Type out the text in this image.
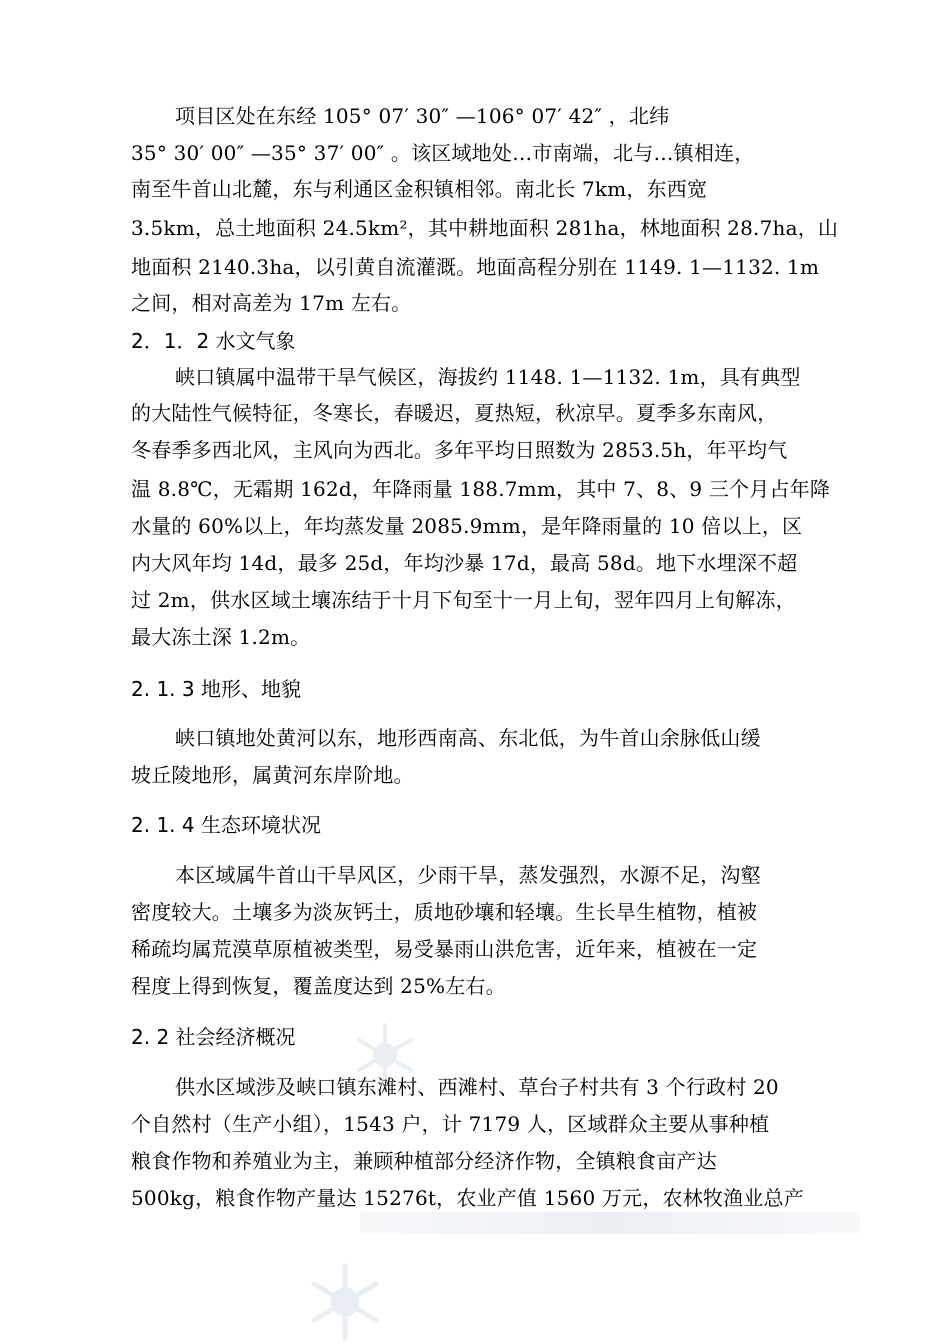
项目区处在东经 105° 07′ 30″ —106° 07′ 42″ ，北纬
35° 30′ 00″ —35° 37′ 00″ 。该区域地处…市南端，北与…镇相连，
南至牛首山北麓，东与利通区金积镇相邻。南北长 7km，东西宽
3.5km，总土地面积 24.5km²，其中耕地面积 281ha，林地面积 28.7ha，山
地面积 2140.3ha，以引黄自流灌溉。地面高程分别在 1149. 1—1132. 1m
之间，相对高差为 17m 左右。
2．1．2 水文气象
峡口镇属中温带干旱气候区，海拔约 1148. 1—1132. 1m，具有典型
的大陆性气候特征，冬寒长，春暖迟，夏热短，秋凉早。夏季多东南风，
冬春季多西北风，主风向为西北。多年平均日照数为 2853.5h，年平均气
温 8.8℃，无霜期 162d，年降雨量 188.7mm，其中 7、8、9 三个月占年降
水量的 60%以上，年均蒸发量 2085.9mm，是年降雨量的 10 倍以上，区
内大风年均 14d，最多 25d，年均沙暴 17d，最高 58d。地下水埋深不超
过 2m，供水区域土壤冻结于十月下旬至十一月上旬，翌年四月上旬解冻，
最大冻土深 1.2m。
2. 1. 3 地形、地貌
峡口镇地处黄河以东，地形西南高、东北低，为牛首山余脉低山缓
坡丘陵地形，属黄河东岸阶地。
2. 1. 4 生态环境状况
本区域属牛首山干旱风区，少雨干旱，蒸发强烈，水源不足，沟壑
密度较大。土壤多为淡灰钙土，质地砂壤和轻壤。生长旱生植物，植被
稀疏均属荒漠草原植被类型，易受暴雨山洪危害，近年来，植被在一定
程度上得到恢复，覆盖度达到 25%左右。
2. 2 社会经济概况
供水区域涉及峡口镇东滩村、西滩村、草台子村共有 3 个行政村 20
个自然村（生产小组），1543 户，计 7179 人，区域群众主要从事种植
粮食作物和养殖业为主，兼顾种植部分经济作物，全镇粮食亩产达
500kg，粮食作物产量达 15276t，农业产值 1560 万元，农林牧渔业总产
